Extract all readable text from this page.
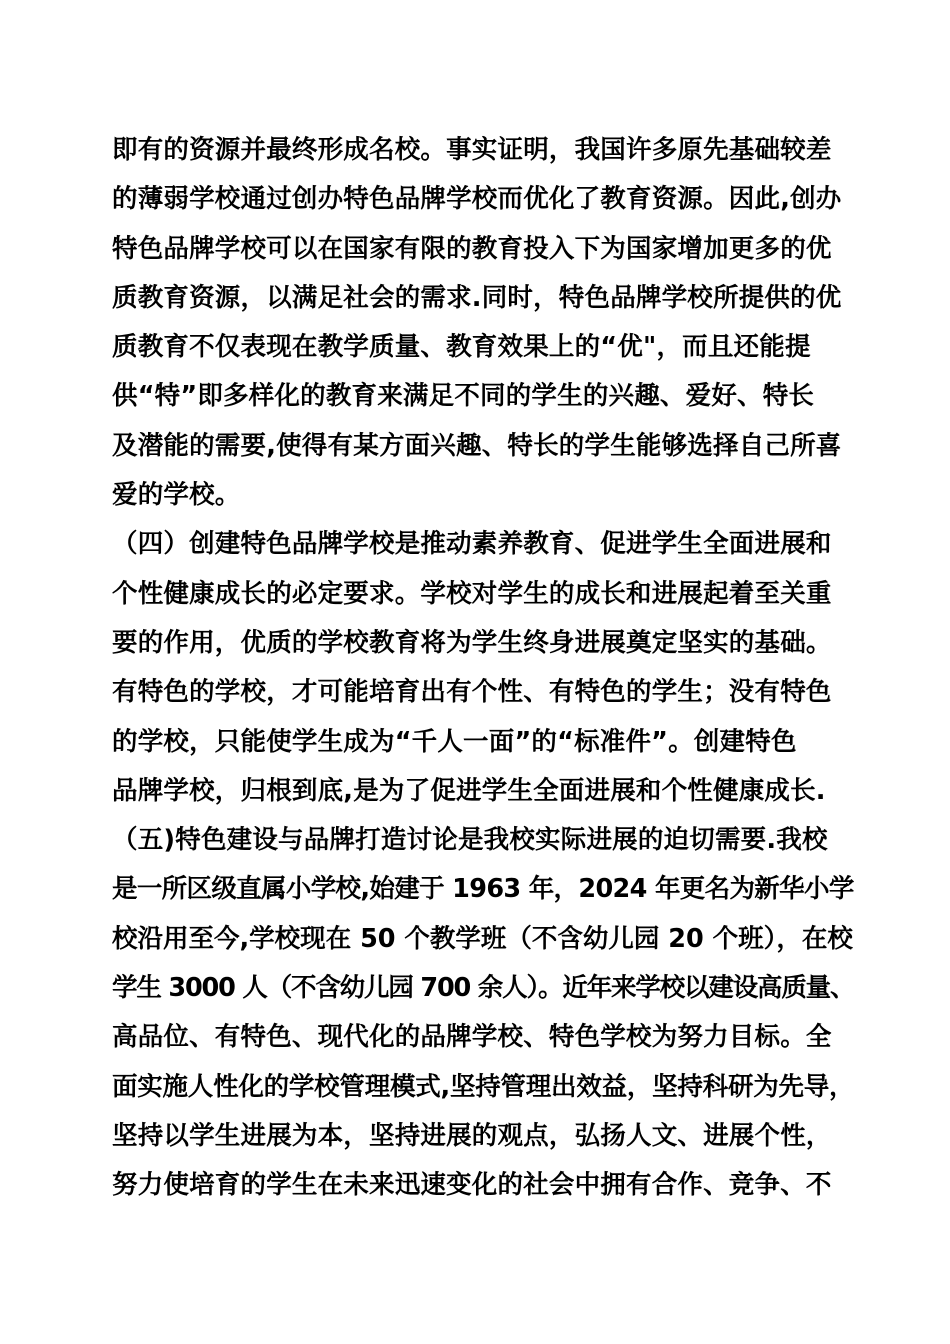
即有的资源并最终形成名校。事实证明，我国许多原先基础较差
的薄弱学校通过创办特色品牌学校而优化了教育资源。因此,创办
特色品牌学校可以在国家有限的教育投入下为国家增加更多的优
质教育资源，以满足社会的需求.同时，特色品牌学校所提供的优
质教育不仅表现在教学质量、教育效果上的“优"，而且还能提
供“特”即多样化的教育来满足不同的学生的兴趣、爱好、特长
及潜能的需要,使得有某方面兴趣、特长的学生能够选择自己所喜
爱的学校。
（四）创建特色品牌学校是推动素养教育、促进学生全面进展和
个性健康成长的必定要求。学校对学生的成长和进展起着至关重
要的作用，优质的学校教育将为学生终身进展奠定坚实的基础。
有特色的学校，才可能培育出有个性、有特色的学生；没有特色
的学校，只能使学生成为“千人一面”的“标准件”。创建特色
品牌学校，归根到底,是为了促进学生全面进展和个性健康成长.
（五)特色建设与品牌打造讨论是我校实际进展的迫切需要.我校
是一所区级直属小学校,始建于 1963 年，2024 年更名为新华小学
校沿用至今,学校现在 50 个教学班（不含幼儿园 20 个班），在校
学生 3000 人（不含幼儿园 700 余人）。近年来学校以建设高质量、
高品位、有特色、现代化的品牌学校、特色学校为努力目标。全
面实施人性化的学校管理模式,坚持管理出效益，坚持科研为先导，
坚持以学生进展为本，坚持进展的观点，弘扬人文、进展个性，
努力使培育的学生在未来迅速变化的社会中拥有合作、竞争、不
